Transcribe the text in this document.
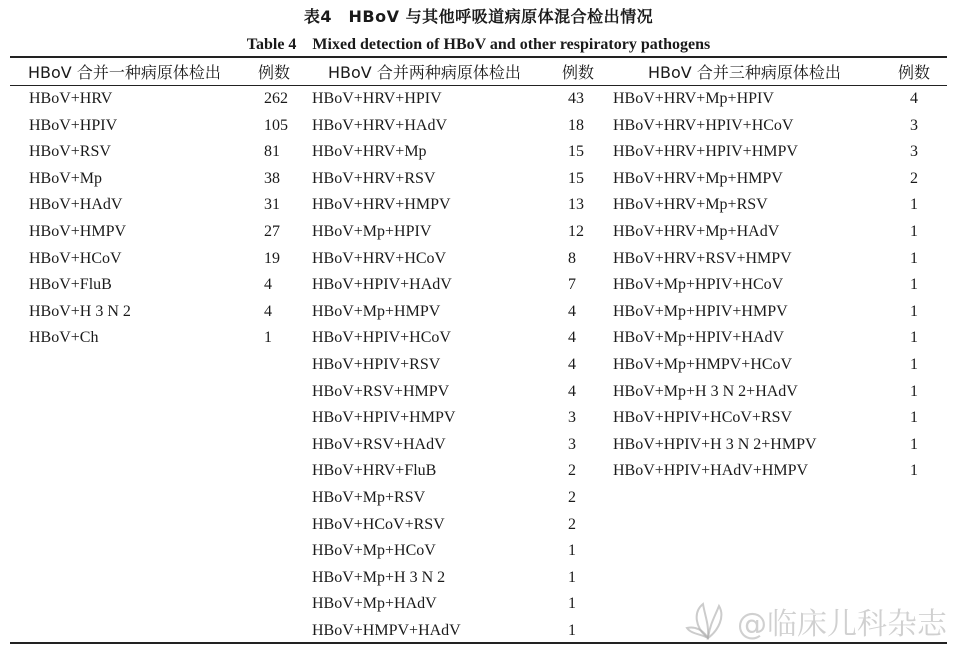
表4　HBoV 与其他呼吸道病原体混合检出情况
Table 4　Mixed detection of HBoV and other respiratory pathogens
HBoV 合并一种病原体检出 例数 HBoV 合并两种病原体检出	例数	HBoV 合并三种病原体检出	例数
HBoV+HRV	262
HBoV+HPIV	105
HBoV+RSV	81
HBoV+Mp	38
HBoV+HAdV	31
HBoV+HMPV	27
HBoV+HCoV	19
HBoV+FluB	4
HBoV+H 3 N 2	4
HBoV+Ch	1
HBoV+HRV+HPIV	43
HBoV+HRV+HAdV	18
HBoV+HRV+Mp	15
HBoV+HRV+RSV	15
HBoV+HRV+HMPV	13
HBoV+Mp+HPIV	12
HBoV+HRV+HCoV	8
HBoV+HPIV+HAdV	7
HBoV+Mp+HMPV	4
HBoV+HPIV+HCoV	4
HBoV+HPIV+RSV	4
HBoV+RSV+HMPV	4
HBoV+HPIV+HMPV	3
HBoV+RSV+HAdV	3
HBoV+HRV+FluB	2
HBoV+Mp+RSV	2
HBoV+HCoV+RSV	2
HBoV+Mp+HCoV	1
HBoV+Mp+H 3 N 2	1
HBoV+Mp+HAdV	1
HBoV+HMPV+HAdV	1
HBoV+HRV+Mp+HPIV	4
HBoV+HRV+HPIV+HCoV	3
HBoV+HRV+HPIV+HMPV	3
HBoV+HRV+Mp+HMPV	2
HBoV+HRV+Mp+RSV	1
HBoV+HRV+Mp+HAdV	1
HBoV+HRV+RSV+HMPV	1
HBoV+Mp+HPIV+HCoV	1
HBoV+Mp+HPIV+HMPV	1
HBoV+Mp+HPIV+HAdV	1
HBoV+Mp+HMPV+HCoV	1
HBoV+Mp+H 3 N 2+HAdV	1
HBoV+HPIV+HCoV+RSV	1
HBoV+HPIV+H 3 N 2+HMPV	1
HBoV+HPIV+HAdV+HMPV	1
@临床儿科杂志
